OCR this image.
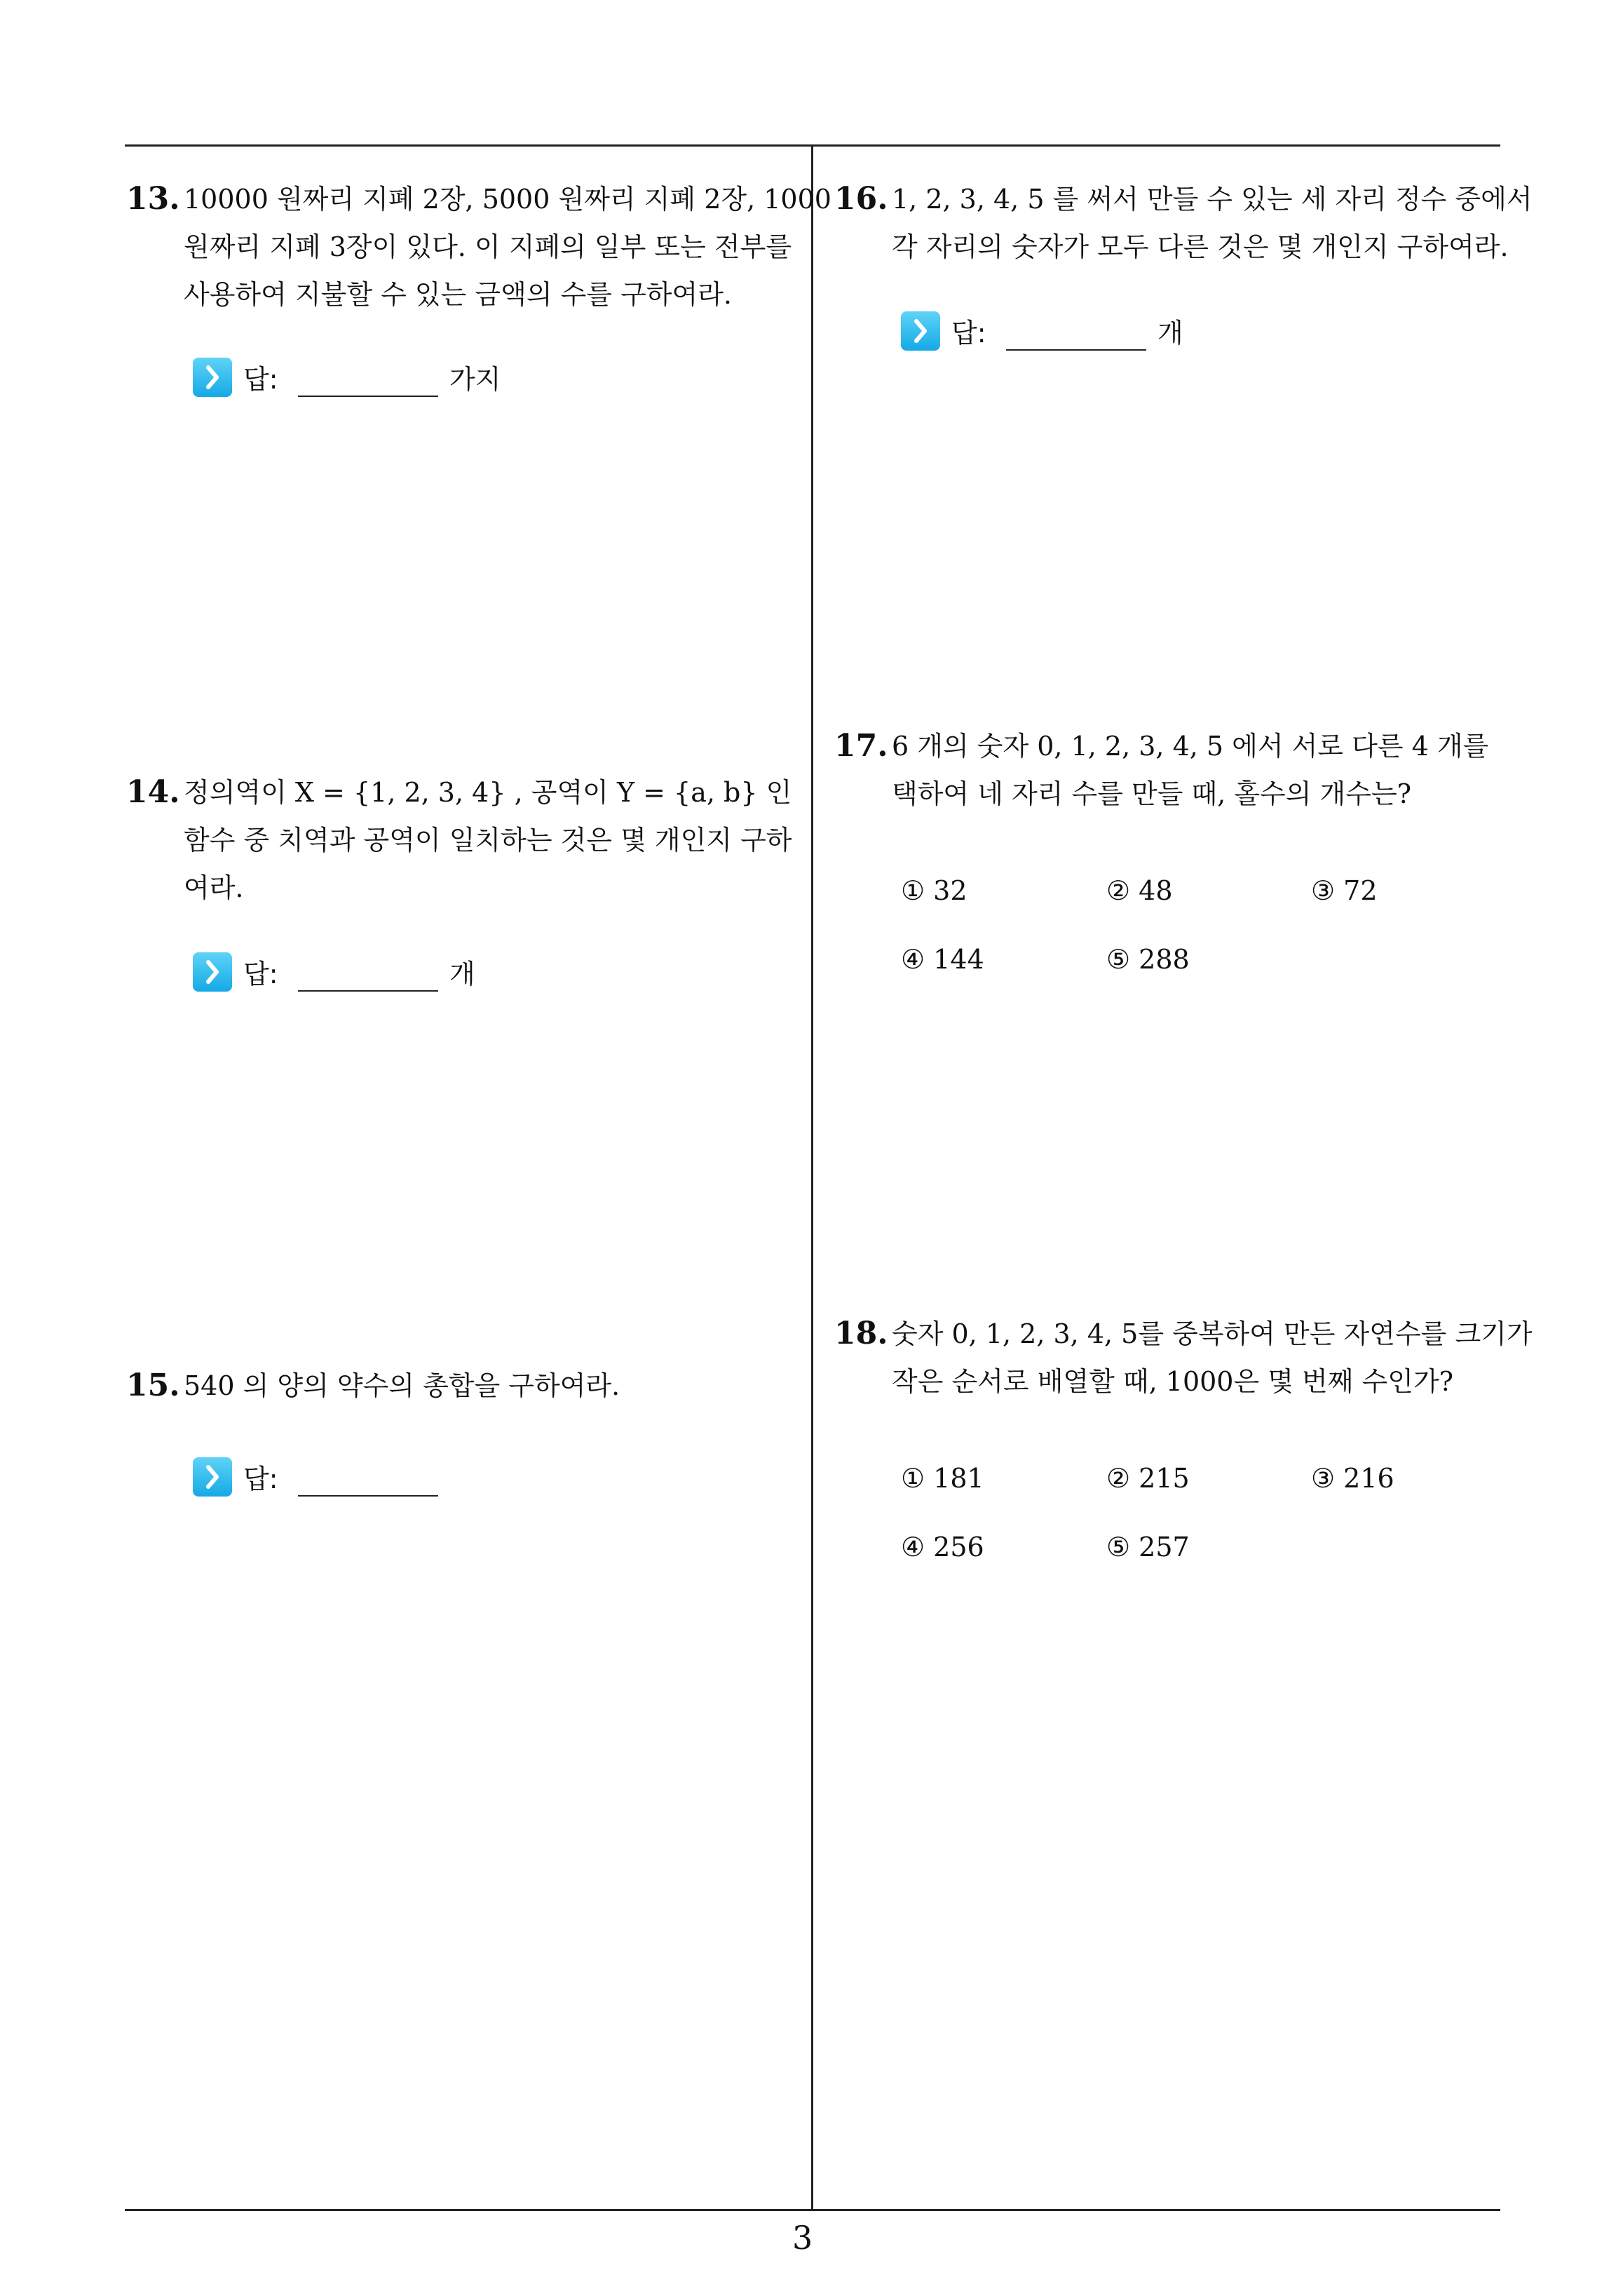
13. 10000 원짜리 지폐 2장, 5000 원짜리 지폐 2장, 1000
원짜리 지폐 3장이 있다. 이 지폐의 일부 또는 전부를
사용하여 지불할 수 있는 금액의 수를 구하여라.
답:	가지
14. 정의역이 X = {1, 2, 3, 4} , 공역이 Y = {a, b} 인
함수 중 치역과 공역이 일치하는 것은 몇 개인지 구하
여라.
답:	개
15. 540 의 양의 약수의 총합을 구하여라.
답:
16. 1, 2, 3, 4, 5 를 써서 만들 수 있는 세 자리 정수 중에서
각 자리의 숫자가 모두 다른 것은 몇 개인지 구하여라.
답:	개
17. 6 개의 숫자 0, 1, 2, 3, 4, 5 에서 서로 다른 4 개를
택하여 네 자리 수를 만들 때, 홀수의 개수는?
① 32	② 48	③ 72
④ 144	⑤ 288
18. 숫자 0, 1, 2, 3, 4, 5를 중복하여 만든 자연수를 크기가
작은 순서로 배열할 때, 1000은 몇 번째 수인가?
① 181	② 215	③ 216
④ 256	⑤ 257
3
